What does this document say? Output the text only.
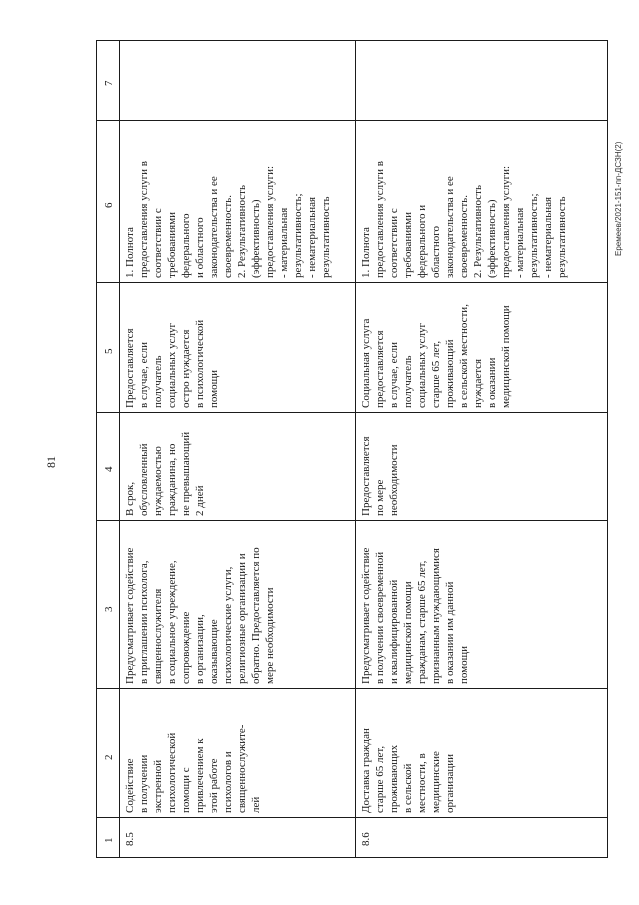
81
Еремеев/2021-151-пп-ДСЗН(2)
1
2
3
4
5
6
7
8.5
Содействие
в получении
экстренной
психологической
помощи с
привлечением к
этой работе
психологов и
священнослужите-
лей
Предусматривает содействие
в приглашении психолога,
священнослужителя
в социальное учреждение,
сопровождение
в организации,
оказывающие
психологические услуги,
религиозные организации и
обратно. Предоставляется по
мере необходимости
В срок,
обусловленный
нуждаемостью
гражданина, но
не превышающий
2 дней
Предоставляется
в случае, если
получатель
социальных услуг
остро нуждается
в психологической
помощи
1. Полнота
предоставления услуги в
соответствии с
требованиями
федерального
и областного
законодательства и ее
своевременность.
2. Результативность
(эффективность)
предоставления услуги:
- материальная
результативность;
- нематериальная
результативность
8.6
Доставка граждан
старше 65 лет,
проживающих
в сельской
местности, в
медицинские
организации
Предусматривает содействие
в получении своевременной
и квалифицированной
медицинской помощи
гражданам, старше 65 лет,
признанным нуждающимися
в оказании им данной
помощи
Предоставляется
по мере
необходимости
Социальная услуга
предоставляется
в случае, если
получатель
социальных услуг
старше 65 лет,
проживающий
в сельской местности,
нуждается
в оказании
медицинской помощи
1. Полнота
предоставления услуги в
соответствии с
требованиями
федерального и
областного
законодательства и ее
своевременность.
2. Результативность
(эффективность)
предоставления услуги:
- материальная
результативность;
- нематериальная
результативность
